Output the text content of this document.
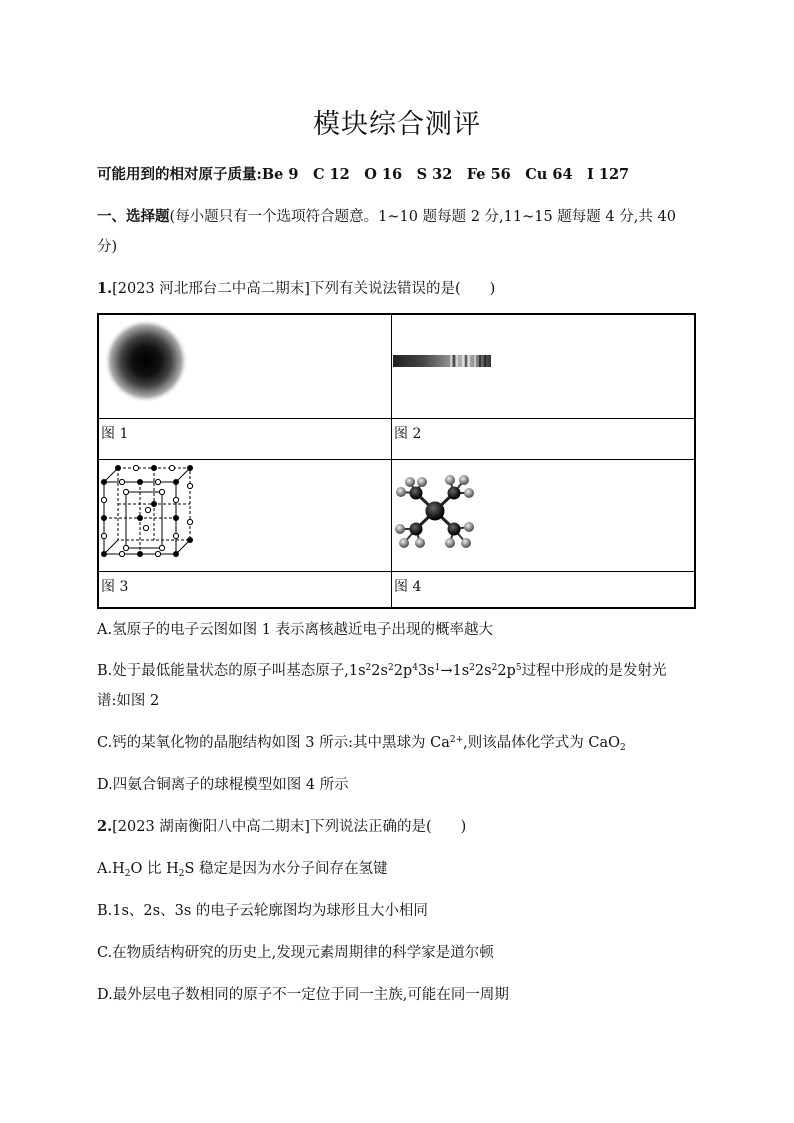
模块综合测评
可能用到的相对原子质量:Be 9　C 12　O 16　S 32　Fe 56　Cu 64　I 127
一、选择题(每小题只有一个选项符合题意。1~10 题每题 2 分,11~15 题每题 4 分,共 40
分)
1.[2023 河北邢台二中高二期末]下列有关说法错误的是(　　)
图 1	图 2
图 3	图 4
A.氢原子的电子云图如图 1 表示离核越近电子出现的概率越大
B.处于最低能量状态的原子叫基态原子$,1s^22s^22p^43s^1\to 1s^22s^22p^5$过程中形成的是发射光
谱:如图 2
C.钙的某氧化物的晶胞结构如图 3 所示:其中黑球为 $Ca^{2+}$,则该晶体化学式为 CaO$_2$
D.四氨合铜离子的球棍模型如图 4 所示
2.[2023 湖南衡阳八中高二期末]下列说法正确的是(　　)
$A.H_2O$ 比 $H_2S$ 稳定是因为水分子间存在氢键
B.1s、2s、3s 的电子云轮廓图均为球形且大小相同
C.在物质结构研究的历史上,发现元素周期律的科学家是道尔顿
D.最外层电子数相同的原子不一定位于同一主族,可能在同一周期
